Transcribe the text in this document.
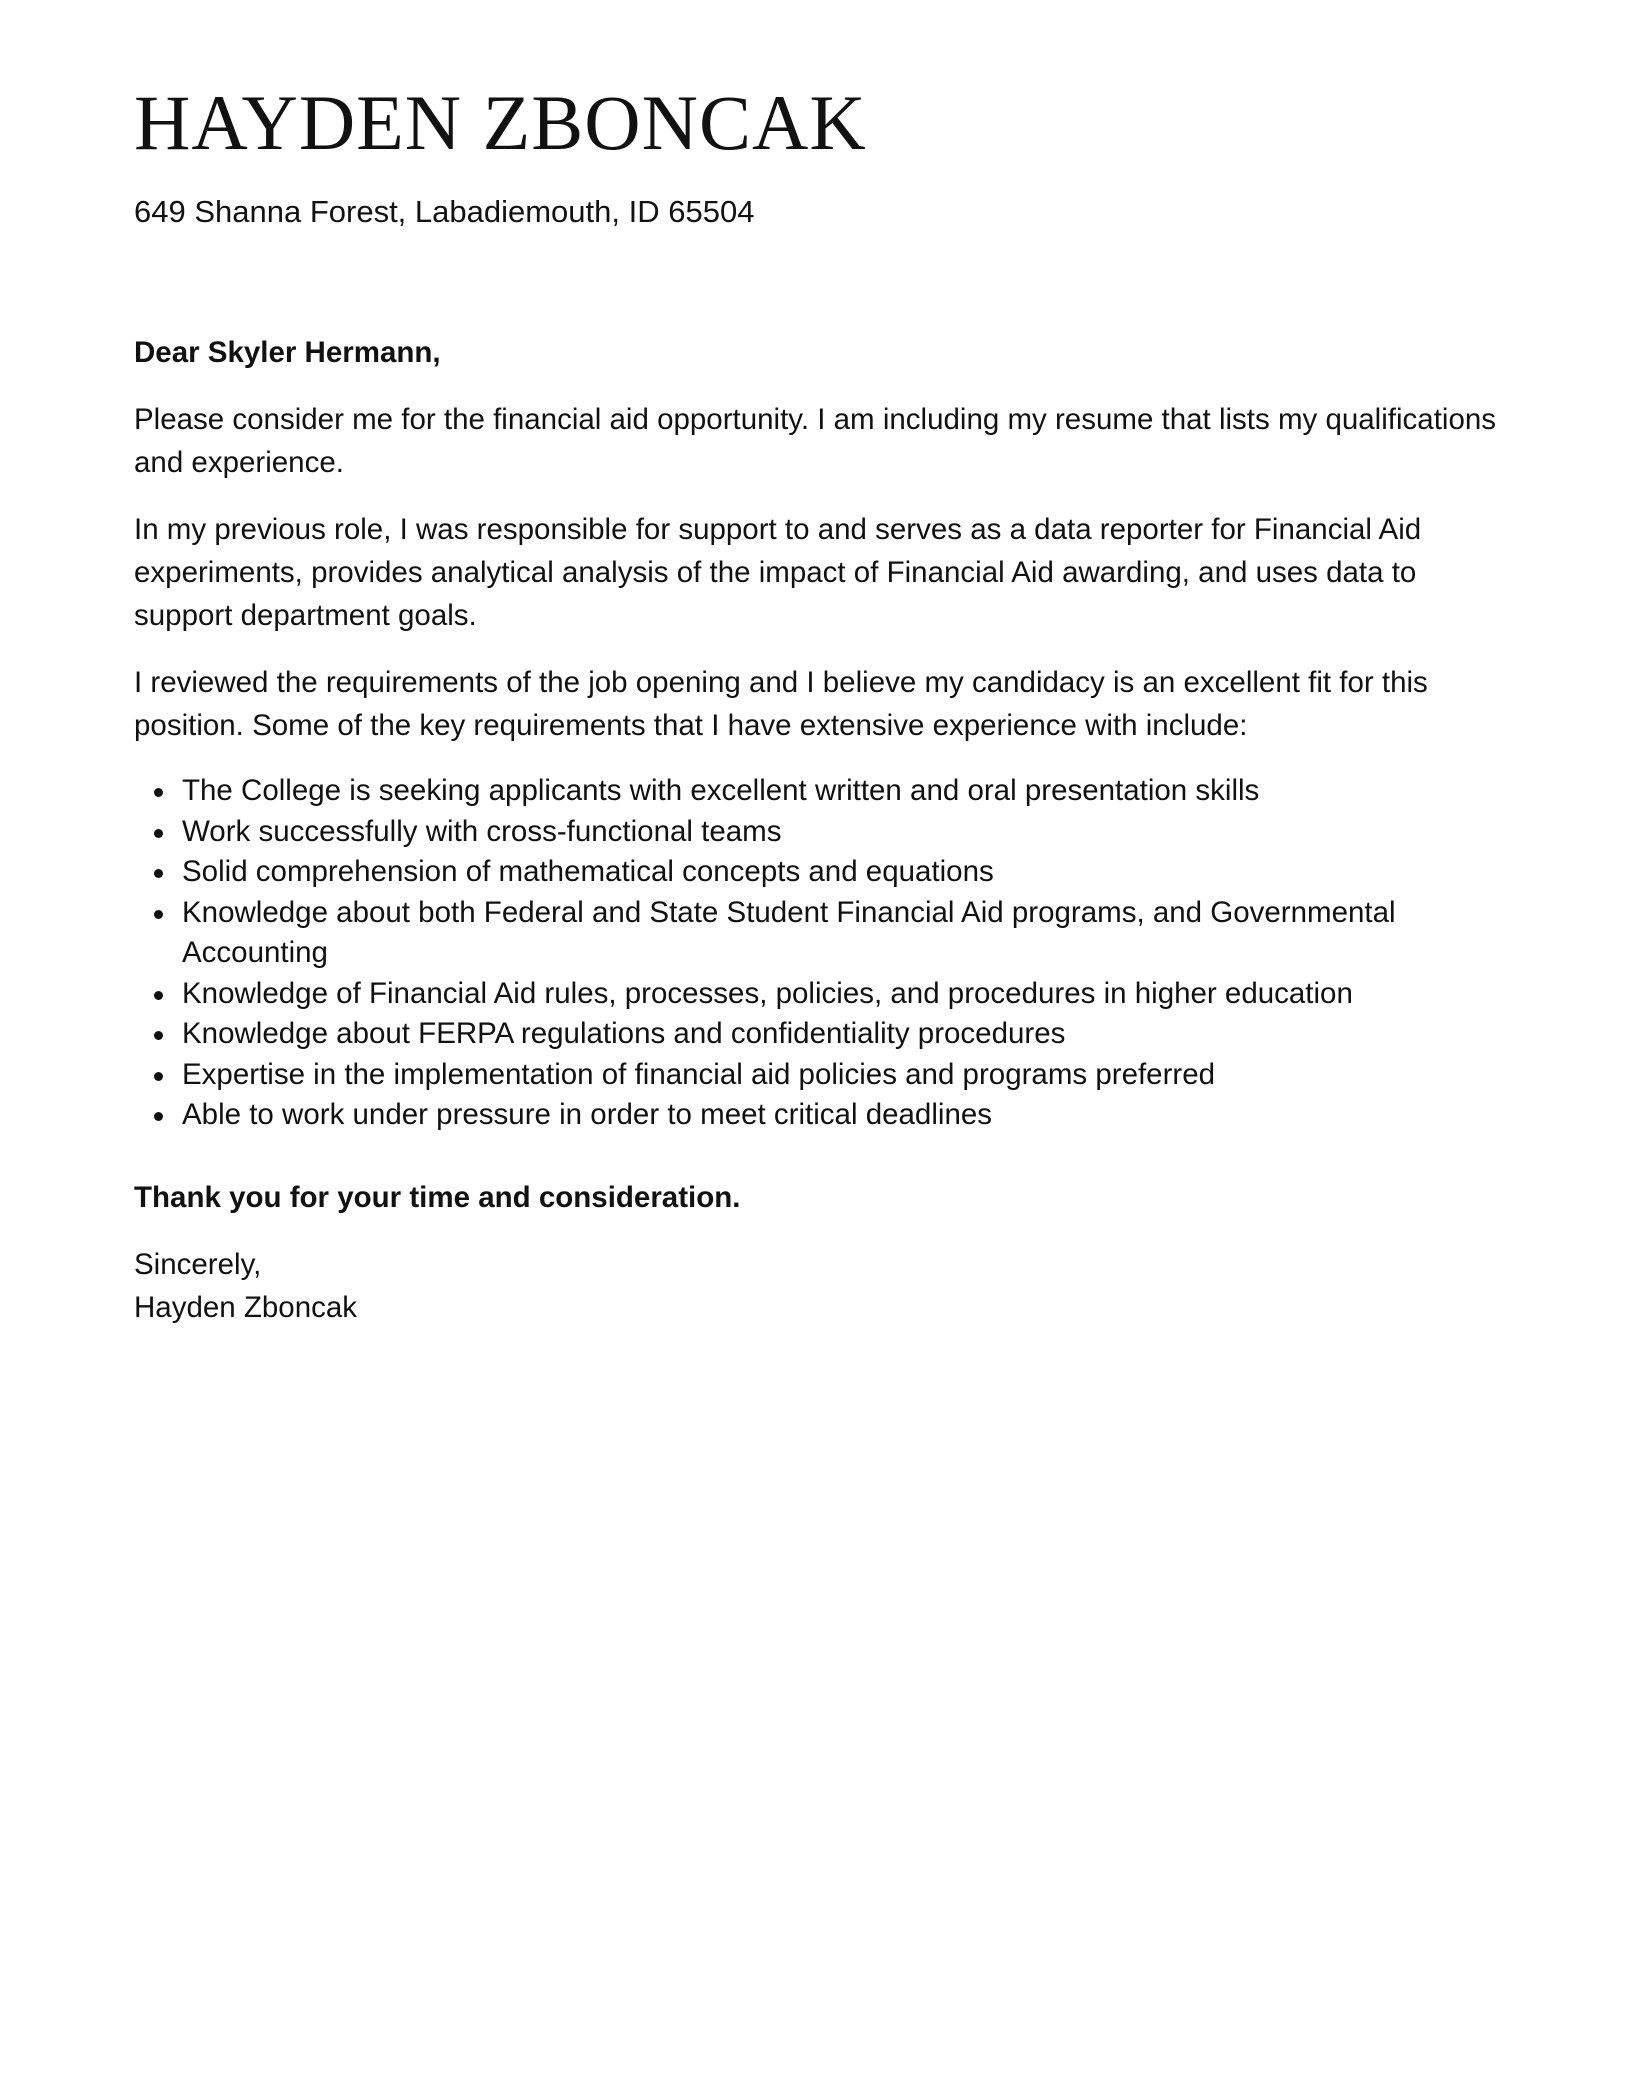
HAYDEN ZBONCAK
649 Shanna Forest, Labadiemouth, ID 65504

Dear Skyler Hermann,

Please consider me for the financial aid opportunity. I am including my resume that lists my qualifications and experience.

In my previous role, I was responsible for support to and serves as a data reporter for Financial Aid experiments, provides analytical analysis of the impact of Financial Aid awarding, and uses data to support department goals.

I reviewed the requirements of the job opening and I believe my candidacy is an excellent fit for this position. Some of the key requirements that I have extensive experience with include:

The College is seeking applicants with excellent written and oral presentation skills
Work successfully with cross-functional teams
Solid comprehension of mathematical concepts and equations
Knowledge about both Federal and State Student Financial Aid programs, and Governmental Accounting
Knowledge of Financial Aid rules, processes, policies, and procedures in higher education
Knowledge about FERPA regulations and confidentiality procedures
Expertise in the implementation of financial aid policies and programs preferred
Able to work under pressure in order to meet critical deadlines

Thank you for your time and consideration.

Sincerely,

Hayden Zboncak
